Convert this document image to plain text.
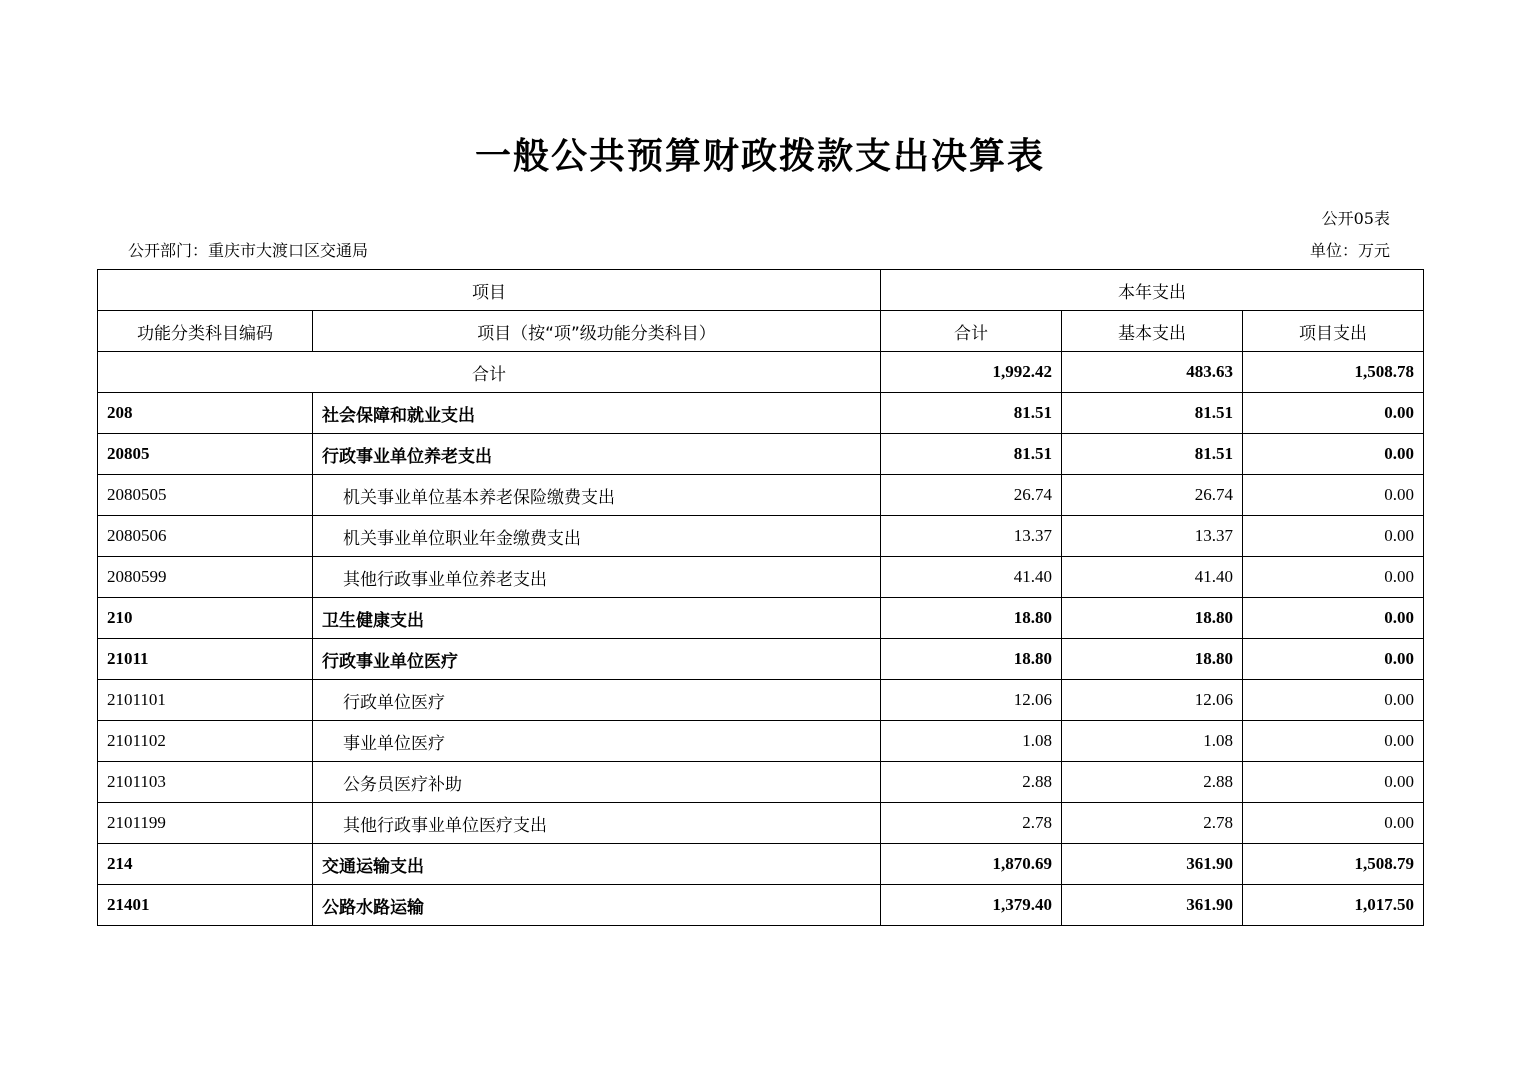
一般公共预算财政拨款支出决算表
公开05表
公开部门：重庆市大渡口区交通局	单位：万元
项目		本年支出		
功能分类科目编码	项目（按“项”级功能分类科目）	合计	基本支出	项目支出
合计		1,992.42	483.63	1,508.78
208	社会保障和就业支出	81.51	81.51	0.00
20805	行政事业单位养老支出	81.51	81.51	0.00
2080505	机关事业单位基本养老保险缴费支出	26.74	26.74	0.00
2080506	机关事业单位职业年金缴费支出	13.37	13.37	0.00
2080599	其他行政事业单位养老支出	41.40	41.40	0.00
210	卫生健康支出	18.80	18.80	0.00
21011	行政事业单位医疗	18.80	18.80	0.00
2101101	行政单位医疗	12.06	12.06	0.00
2101102	事业单位医疗	1.08	1.08	0.00
2101103	公务员医疗补助	2.88	2.88	0.00
2101199	其他行政事业单位医疗支出	2.78	2.78	0.00
214	交通运输支出	1,870.69	361.90	1,508.79
21401	公路水路运输	1,379.40	361.90	1,017.50
